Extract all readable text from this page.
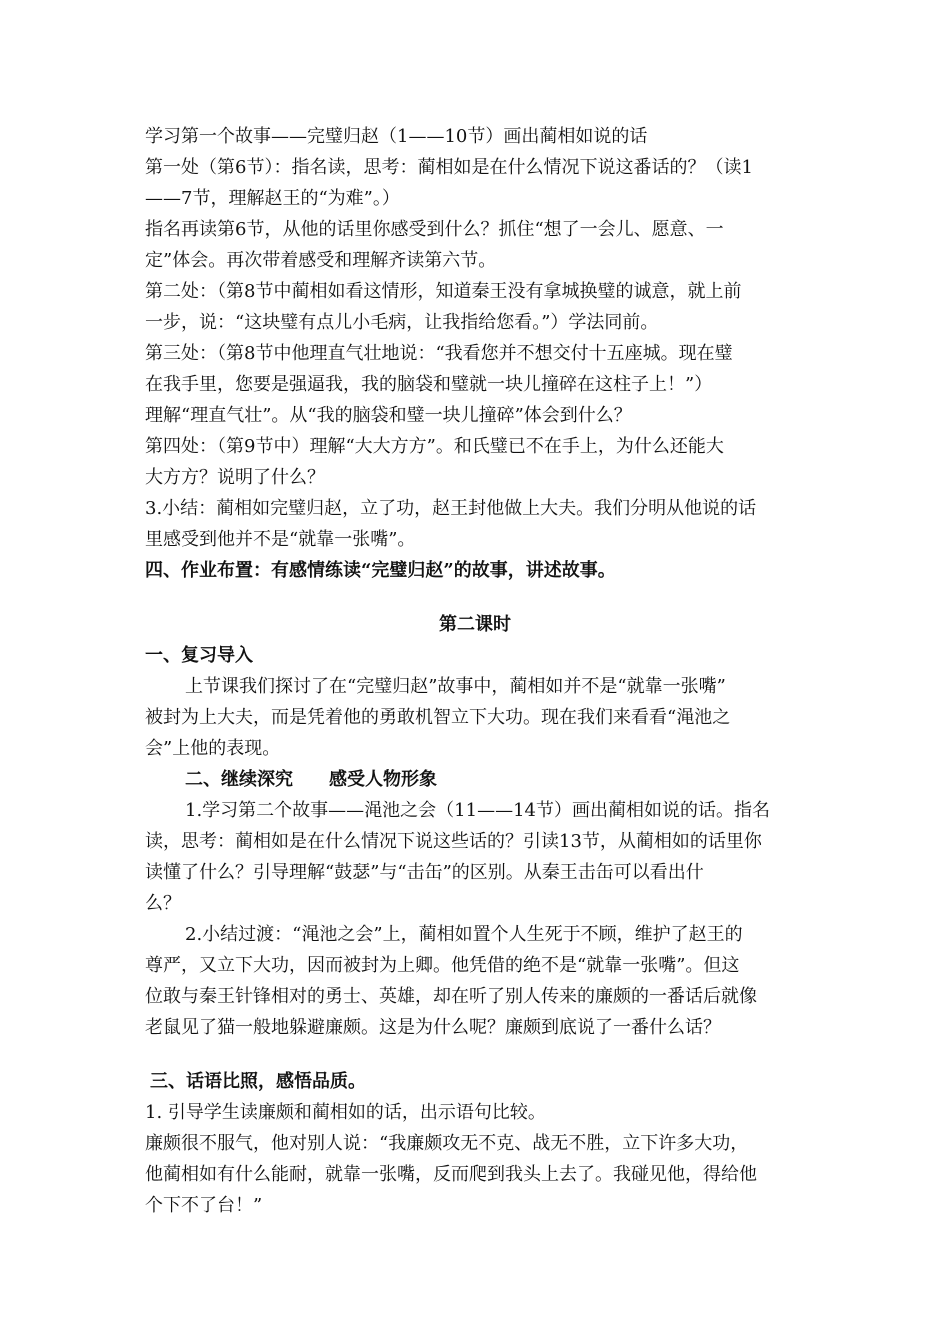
学习第一个故事——完璧归赵（1——10节）画出蔺相如说的话
第一处（第6节）：指名读，思考：蔺相如是在什么情况下说这番话的？（读1
——7节，理解赵王的“为难”。）
指名再读第6节，从他的话里你感受到什么？抓住“想了一会儿、愿意、一
定”体会。再次带着感受和理解齐读第六节。
第二处：（第8节中蔺相如看这情形，知道秦王没有拿城换璧的诚意，就上前
一步，说：“这块璧有点儿小毛病，让我指给您看。”）学法同前。
第三处：（第8节中他理直气壮地说：“我看您并不想交付十五座城。现在璧
在我手里，您要是强逼我，我的脑袋和璧就一块儿撞碎在这柱子上！”）
理解“理直气壮”。从“我的脑袋和璧一块儿撞碎”体会到什么？
第四处：（第9节中）理解“大大方方”。和氏璧已不在手上，为什么还能大
大方方？说明了什么？
3.小结：蔺相如完璧归赵，立了功，赵王封他做上大夫。我们分明从他说的话
里感受到他并不是“就靠一张嘴”。
四、作业布置：有感情练读“完璧归赵”的故事，讲述故事。
第二课时
一、复习导入
上节课我们探讨了在“完璧归赵”故事中，蔺相如并不是“就靠一张嘴”
被封为上大夫，而是凭着他的勇敢机智立下大功。现在我们来看看“渑池之
会”上他的表现。
二、继续深究　　感受人物形象
1.学习第二个故事——渑池之会（11——14节）画出蔺相如说的话。指名
读，思考：蔺相如是在什么情况下说这些话的？引读13节，从蔺相如的话里你
读懂了什么？引导理解“鼓瑟”与“击缶”的区别。从秦王击缶可以看出什
么？
2.小结过渡：“渑池之会”上，蔺相如置个人生死于不顾，维护了赵王的
尊严，又立下大功，因而被封为上卿。他凭借的绝不是“就靠一张嘴”。但这
位敢与秦王针锋相对的勇士、英雄，却在听了别人传来的廉颇的一番话后就像
老鼠见了猫一般地躲避廉颇。这是为什么呢？廉颇到底说了一番什么话？
三、话语比照，感悟品质。
1. 引导学生读廉颇和蔺相如的话，出示语句比较。
廉颇很不服气，他对别人说：“我廉颇攻无不克、战无不胜，立下许多大功，
他蔺相如有什么能耐，就靠一张嘴，反而爬到我头上去了。我碰见他，得给他
个下不了台！”
